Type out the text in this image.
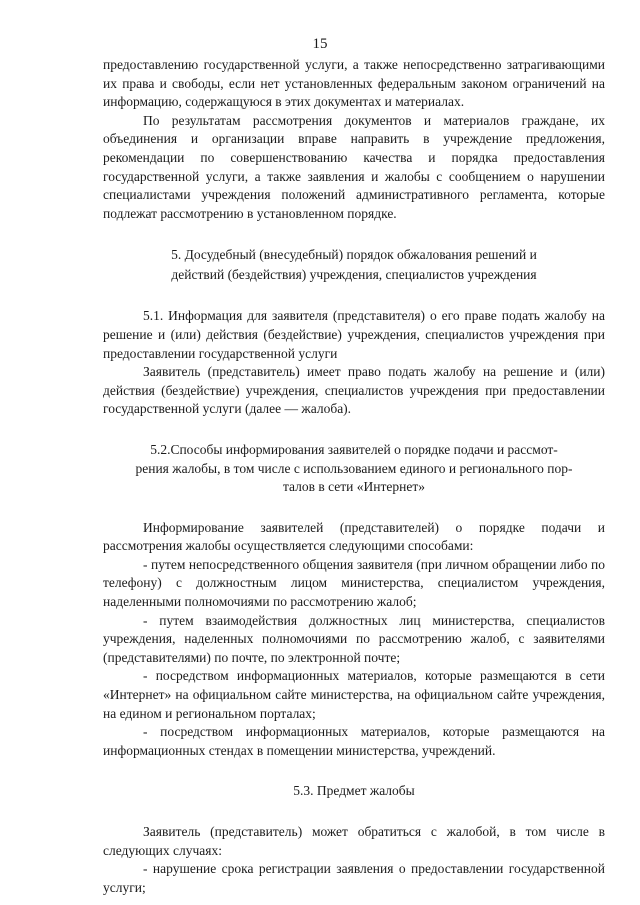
15

предоставлению государственной услуги, а также непосредственно затрагивающими их права и свободы, если нет установленных федеральным законом ограничений на информацию, содержащуюся в этих документах и материалах.

По результатам рассмотрения документов и материалов граждане, их объединения и организации вправе направить в учреждение предложения, рекомендации по совершенствованию качества и порядка предоставления государственной услуги, а также заявления и жалобы с сообщением о нарушении специалистами учреждения положений административного регламента, которые подлежат рассмотрению в установленном порядке.

5. Досудебный (внесудебный) порядок обжалования решений и

действий (бездействия) учреждения, специалистов учреждения

5.1. Информация для заявителя (представителя) о его праве подать жалобу на решение и (или) действия (бездействие) учреждения, специалистов учреждения при предоставлении государственной услуги

Заявитель (представитель) имеет право подать жалобу на решение и (или) действия (бездействие) учреждения, специалистов учреждения при предоставлении государственной услуги (далее — жалоба).

5.2.Способы информирования заявителей о порядке подачи и рассмот-

рения жалобы, в том числе с использованием единого и регионального пор-

талов в сети «Интернет»

Информирование заявителей (представителей) о порядке подачи и рассмотрения жалобы осуществляется следующими способами:

- путем непосредственного общения заявителя (при личном обращении либо по телефону) с должностным лицом министерства, специалистом учреждения, наделенными полномочиями по рассмотрению жалоб;

- путем взаимодействия должностных лиц министерства, специалистов учреждения, наделенных полномочиями по рассмотрению жалоб, с заявителями (представителями) по почте, по электронной почте;

- посредством информационных материалов, которые размещаются в сети «Интернет» на официальном сайте министерства, на официальном сайте учреждения, на едином и региональном порталах;

- посредством информационных материалов, которые размещаются на информационных стендах в помещении министерства, учреждений.

5.3. Предмет жалобы

Заявитель (представитель) может обратиться с жалобой, в том числе в следующих случаях:

- нарушение срока регистрации заявления о предоставлении государственной услуги;
